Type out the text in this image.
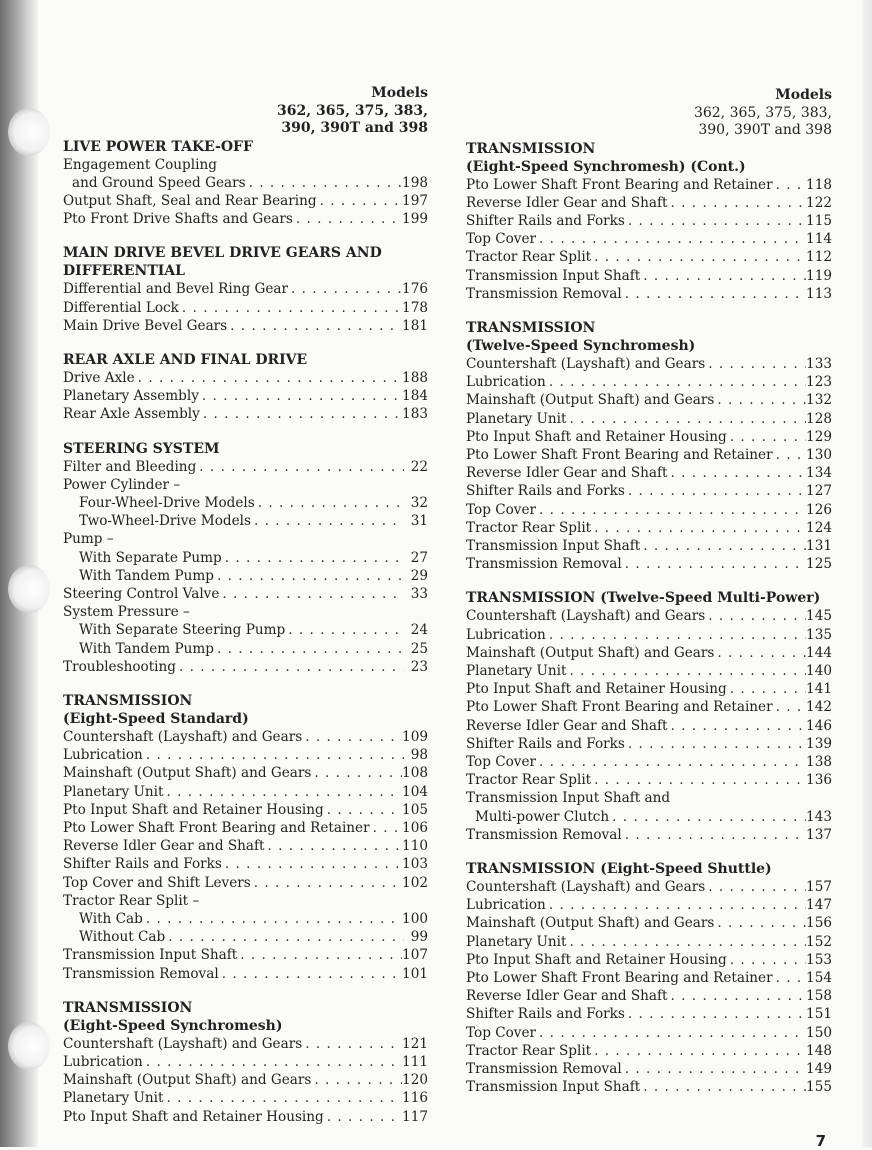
Models
362, 365, 375, 383,
390, 390T and 398
LIVE POWER TAKE-OFF
Engagement Coupling
and Ground Speed Gears . . .	198
Output Shaft, Seal and Rear Bearing . . .	197
Pto Front Drive Shafts and Gears . . .	199
MAIN DRIVE BEVEL DRIVE GEARS AND DIFFERENTIAL
Differential and Bevel Ring Gear . . .	176
Differential Lock . . .	178
Main Drive Bevel Gears . . .	181
REAR AXLE AND FINAL DRIVE
Drive Axle . . .	188
Planetary Assembly . . .	184
Rear Axle Assembly . . .	183
STEERING SYSTEM
Filter and Bleeding . . .	22
Power Cylinder –
Four-Wheel-Drive Models . . .	32
Two-Wheel-Drive Models . . .	31
Pump –
With Separate Pump . . .	27
With Tandem Pump . . .	29
Steering Control Valve . . .	33
System Pressure –
With Separate Steering Pump . . .	24
With Tandem Pump . . .	25
Troubleshooting . . .	23
TRANSMISSION
(Eight-Speed Standard)
Countershaft (Layshaft) and Gears . . .	109
Lubrication . . .	98
Mainshaft (Output Shaft) and Gears . . .	108
Planetary Unit . . .	104
Pto Input Shaft and Retainer Housing . . .	105
Pto Lower Shaft Front Bearing and Retainer . . . 106
Reverse Idler Gear and Shaft . . .	110
Shifter Rails and Forks . . .	103
Top Cover and Shift Levers . . .	102
Tractor Rear Split –
With Cab . . .	100
Without Cab . . .	99
Transmission Input Shaft . . .	107
Transmission Removal . . .	101
TRANSMISSION
(Eight-Speed Synchromesh)
Countershaft (Layshaft) and Gears . . .	121
Lubrication . . .	111
Mainshaft (Output Shaft) and Gears . . .	120
Planetary Unit . . .	116
Pto Input Shaft and Retainer Housing . . .	117
Models
362, 365, 375, 383,
390, 390T and 398
TRANSMISSION
(Eight-Speed Synchromesh) (Cont.)
Pto Lower Shaft Front Bearing and Retainer . . . 118
Reverse Idler Gear and Shaft . . .	122
Shifter Rails and Forks . . .	115
Top Cover . . .	114
Tractor Rear Split . . .	112
Transmission Input Shaft . . .	119
Transmission Removal . . .	113
TRANSMISSION
(Twelve-Speed Synchromesh)
Countershaft (Layshaft) and Gears . . .	133
Lubrication . . .	123
Mainshaft (Output Shaft) and Gears . . .	132
Planetary Unit . . .	128
Pto Input Shaft and Retainer Housing . . .	129
Pto Lower Shaft Front Bearing and Retainer . . . 130
Reverse Idler Gear and Shaft . . .	134
Shifter Rails and Forks . . .	127
Top Cover . . .	126
Tractor Rear Split . . .	124
Transmission Input Shaft . . .	131
Transmission Removal . . .	125
TRANSMISSION (Twelve-Speed Multi-Power)
Countershaft (Layshaft) and Gears . . .	145
Lubrication . . .	135
Mainshaft (Output Shaft) and Gears . . .	144
Planetary Unit . . .	140
Pto Input Shaft and Retainer Housing . . .	141
Pto Lower Shaft Front Bearing and Retainer . . . 142
Reverse Idler Gear and Shaft . . .	146
Shifter Rails and Forks . . .	139
Top Cover . . .	138
Tractor Rear Split . . .	136
Transmission Input Shaft and
Multi-power Clutch . . .	143
Transmission Removal . . .	137
TRANSMISSION (Eight-Speed Shuttle)
Countershaft (Layshaft) and Gears . . .	157
Lubrication . . .	147
Mainshaft (Output Shaft) and Gears . . .	156
Planetary Unit . . .	152
Pto Input Shaft and Retainer Housing . . .	153
Pto Lower Shaft Front Bearing and Retainer . . . 154
Reverse Idler Gear and Shaft . . .	158
Shifter Rails and Forks . . .	151
Top Cover . . .	150
Tractor Rear Split . . .	148
Transmission Removal . . .	149
Transmission Input Shaft . . .	155
7
